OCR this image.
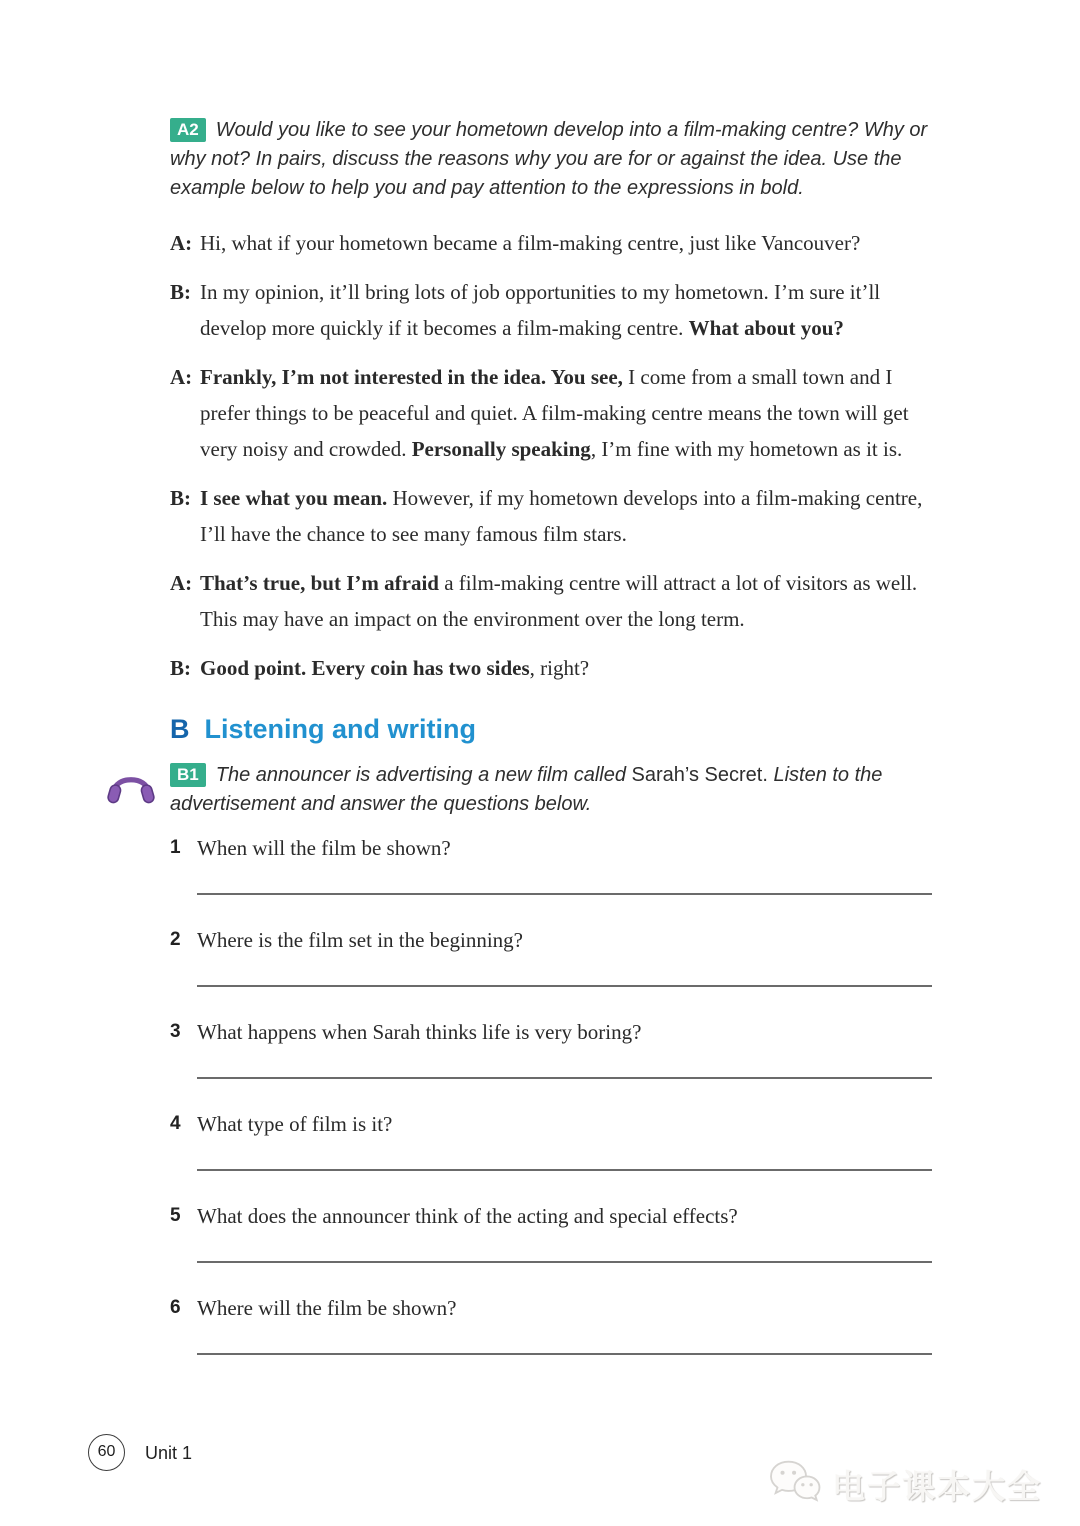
A2 Would you like to see your hometown develop into a film-making centre? Why or why not? In pairs, discuss the reasons why you are for or against the idea. Use the example below to help you and pay attention to the expressions in bold.

A: Hi, what if your hometown became a film-making centre, just like Vancouver?

B: In my opinion, it’ll bring lots of job opportunities to my hometown. I’m sure it’ll develop more quickly if it becomes a film-making centre. What about you?

A: Frankly, I’m not interested in the idea. You see, I come from a small town and I prefer things to be peaceful and quiet. A film-making centre means the town will get very noisy and crowded. Personally speaking, I’m fine with my hometown as it is.

B: I see what you mean. However, if my hometown develops into a film-making centre, I’ll have the chance to see many famous film stars.

A: That’s true, but I’m afraid a film-making centre will attract a lot of visitors as well. This may have an impact on the environment over the long term.

B: Good point. Every coin has two sides, right?

B Listening and writing

B1 The announcer is advertising a new film called Sarah’s Secret. Listen to the advertisement and answer the questions below.

1 When will the film be shown?
2 Where is the film set in the beginning?
3 What happens when Sarah thinks life is very boring?
4 What type of film is it?
5 What does the announcer think of the acting and special effects?
6 Where will the film be shown?
60	Unit 1
电子课本大全
